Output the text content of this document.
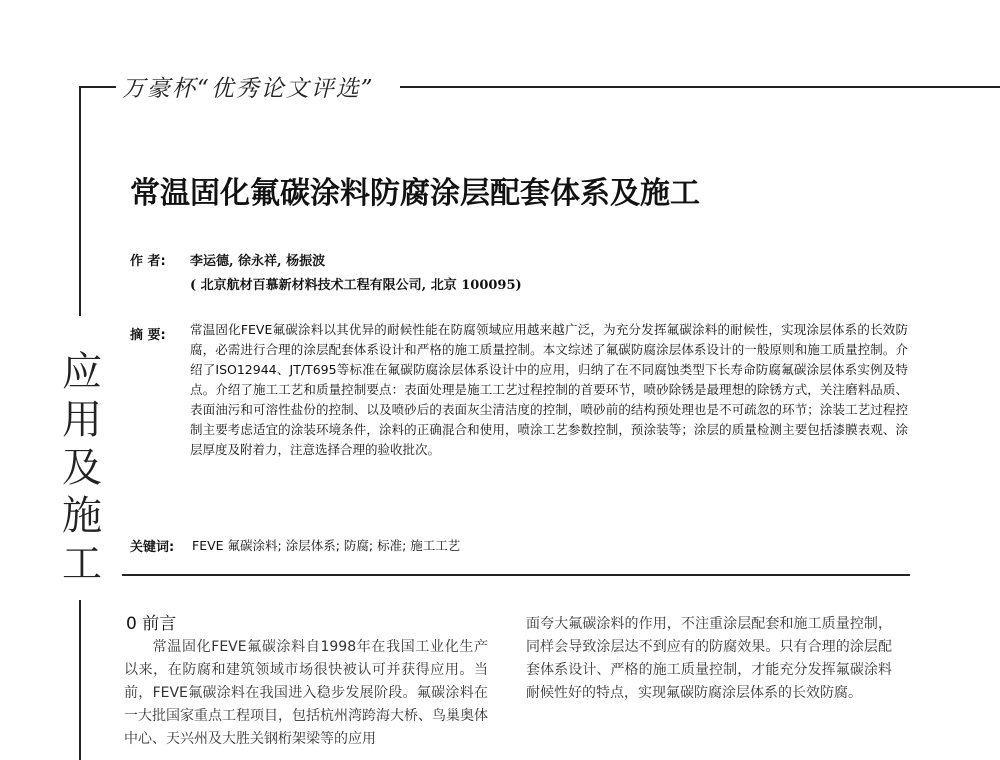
万豪杯“优秀论文评选”
应
用
及
施
工
常温固化氟碳涂料防腐涂层配套体系及施工
作 者: 李运德, 徐永祥, 杨振波
( 北京航材百慕新材料技术工程有限公司, 北京 100095)
摘 要: 常温固化FEVE氟碳涂料以其优异的耐候性能在防腐领域应用越来越广泛，为充分发挥氟碳涂料的耐候性，实现涂层体系的长效防腐，必需进行合理的涂层配套体系设计和严格的施工质量控制。本文综述了氟碳防腐涂层体系设计的一般原则和施工质量控制。介绍了ISO12944、JT/T695等标准在氟碳防腐涂层体系设计中的应用，归纳了在不同腐蚀类型下长寿命防腐氟碳涂层体系实例及特点。介绍了施工工艺和质量控制要点：表面处理是施工工艺过程控制的首要环节，喷砂除锈是最理想的除锈方式，关注磨料品质、表面油污和可溶性盐份的控制、以及喷砂后的表面灰尘清洁度的控制，喷砂前的结构预处理也是不可疏忽的环节；涂装工艺过程控制主要考虑适宜的涂装环境条件，涂料的正确混合和使用，喷涂工艺参数控制，预涂装等；涂层的质量检测主要包括漆膜表观、涂层厚度及附着力，注意选择合理的验收批次。

关键词: FEVE 氟碳涂料; 涂层体系; 防腐; 标准; 施工工艺
0 前言

常温固化FEVE氟碳涂料自1998年在我国工业化生产以来，在防腐和建筑领域市场很快被认可并获得应用。当前，FEVE氟碳涂料在我国进入稳步发展阶段。氟碳涂料在一大批国家重点工程项目，包括杭州湾跨海大桥、鸟巢奥体中心、天兴州及大胜关钢桁架梁等的应用

面夸大氟碳涂料的作用，不注重涂层配套和施工质量控制，同样会导致涂层达不到应有的防腐效果。只有合理的涂层配套体系设计、严格的施工质量控制，才能充分发挥氟碳涂料耐候性好的特点，实现氟碳防腐涂层体系的长效防腐。
